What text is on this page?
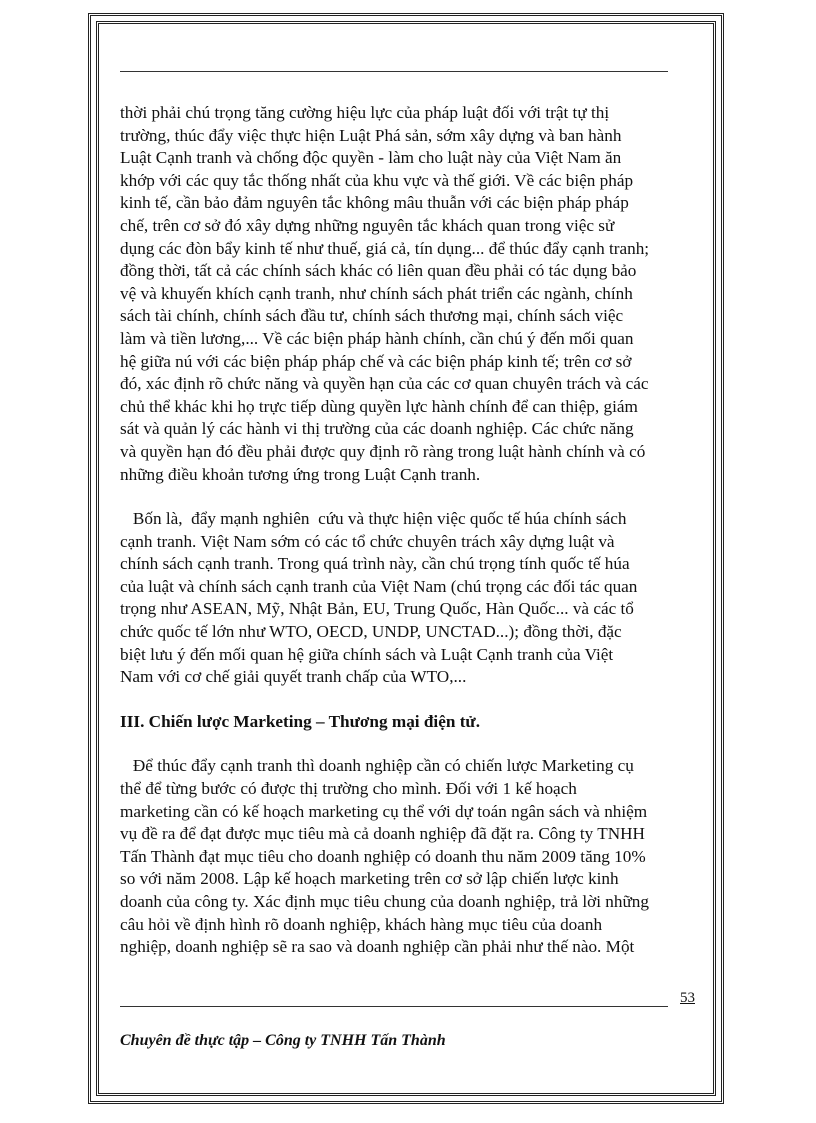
thời phải chú trọng tăng cường hiệu lực của pháp luật đối với trật tự thị

trường, thúc đẩy việc thực hiện Luật Phá sản, sớm xây dựng và ban hành

Luật Cạnh tranh và chống độc quyền - làm cho luật này của Việt Nam ăn

khớp với các quy tắc thống nhất của khu vực và thế giới. Về các biện pháp

kinh tế, cần bảo đảm nguyên tắc không mâu thuẫn với các biện pháp pháp

chế, trên cơ sở đó xây dựng những nguyên tắc khách quan trong việc sử

dụng các đòn bẩy kinh tế như thuế, giá cả, tín dụng... để thúc đẩy cạnh tranh;

đồng thời, tất cả các chính sách khác có liên quan đều phải có tác dụng bảo

vệ và khuyến khích cạnh tranh, như chính sách phát triển các ngành, chính

sách tài chính, chính sách đầu tư, chính sách thương mại, chính sách việc

làm và tiền lương,... Về các biện pháp hành chính, cần chú ý đến mối quan

hệ giữa nú với các biện pháp pháp chế và các biện pháp kinh tế; trên cơ sở

đó, xác định rõ chức năng và quyền hạn của các cơ quan chuyên trách và các

chủ thể khác khi họ trực tiếp dùng quyền lực hành chính để can thiệp, giám

sát và quản lý các hành vi thị trường của các doanh nghiệp. Các chức năng

và quyền hạn đó đều phải được quy định rõ ràng trong luật hành chính và có

những điều khoản tương ứng trong Luật Cạnh tranh.

Bốn là,  đẩy mạnh nghiên  cứu và thực hiện việc quốc tế húa chính sách

cạnh tranh. Việt Nam sớm có các tổ chức chuyên trách xây dựng luật và

chính sách cạnh tranh. Trong quá trình này, cần chú trọng tính quốc tế húa

của luật và chính sách cạnh tranh của Việt Nam (chú trọng các đối tác quan

trọng như ASEAN, Mỹ, Nhật Bản, EU, Trung Quốc, Hàn Quốc... và các tổ

chức quốc tế lớn như WTO, OECD, UNDP, UNCTAD...); đồng thời, đặc

biệt lưu ý đến mối quan hệ giữa chính sách và Luật Cạnh tranh của Việt

Nam với cơ chế giải quyết tranh chấp của WTO,...

III. Chiến lược Marketing – Thương mại điện tử.

Để thúc đẩy cạnh tranh thì doanh nghiệp cần có chiến lược Marketing cụ

thể để từng bước có được thị trường cho mình. Đối với 1 kế hoạch

marketing cần có kế hoạch marketing cụ thể với dự toán ngân sách và nhiệm

vụ đề ra để đạt được mục tiêu mà cả doanh nghiệp đã đặt ra. Công ty TNHH

Tấn Thành đạt mục tiêu cho doanh nghiệp có doanh thu năm 2009 tăng 10%

so với năm 2008. Lập kế hoạch marketing trên cơ sở lập chiến lược kinh

doanh của công ty. Xác định mục tiêu chung của doanh nghiệp, trả lời những

câu hỏi về định hình rõ doanh nghiệp, khách hàng mục tiêu của doanh

nghiệp, doanh nghiệp sẽ ra sao và doanh nghiệp cần phải như thế nào. Một

53
Chuyên đề thực tập – Công ty TNHH Tấn Thành
